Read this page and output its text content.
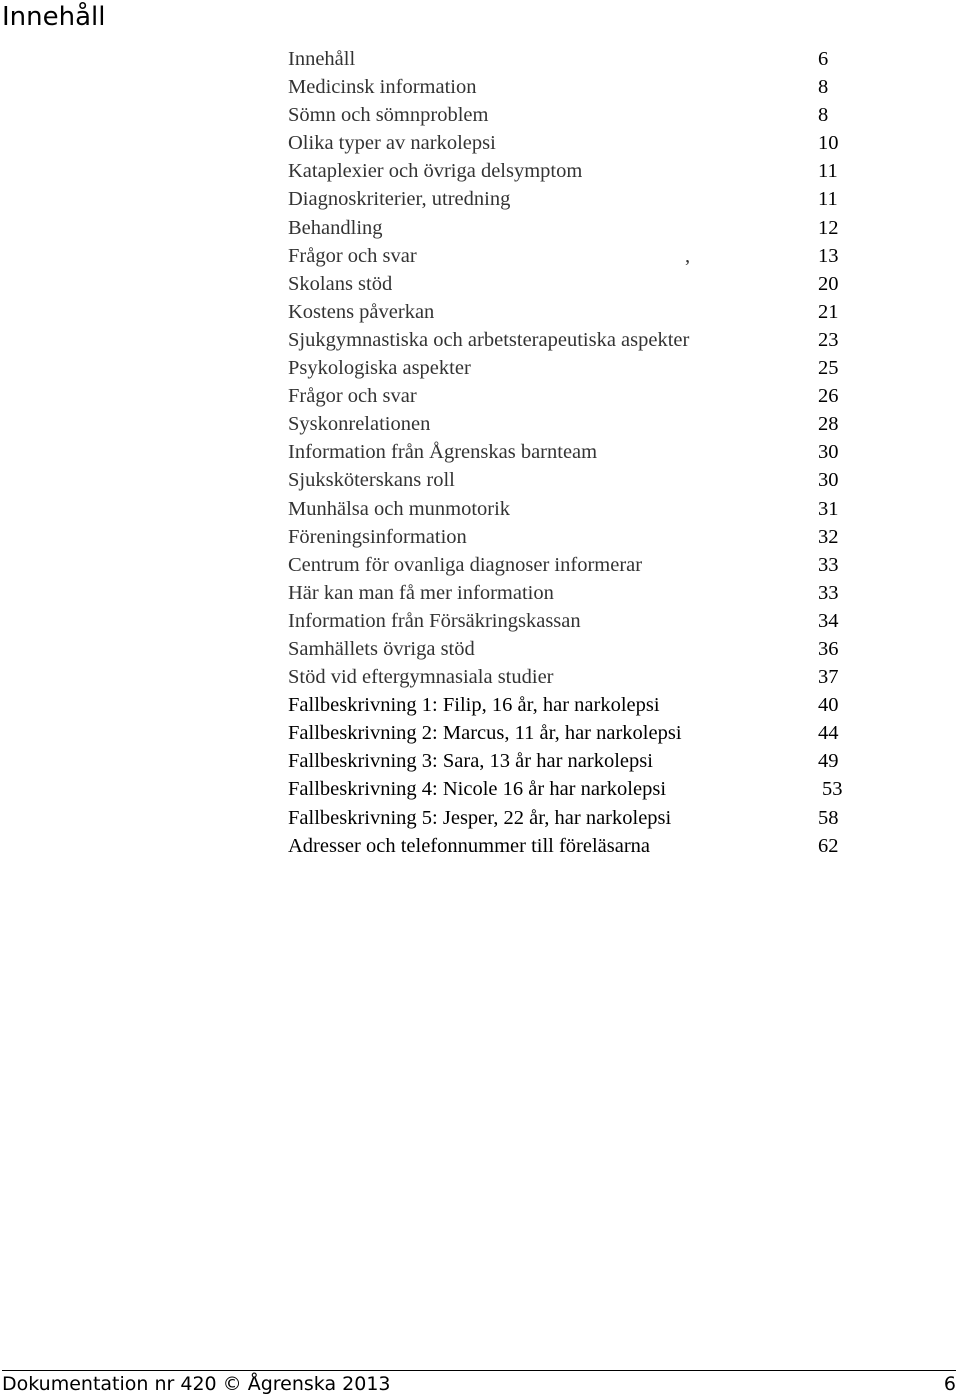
Innehåll
Innehåll	6
Medicinsk information	8
Sömn och sömnproblem	8
Olika typer av narkolepsi	10
Kataplexier och övriga delsymptom	11
Diagnoskriterier, utredning	11
Behandling	12
Frågor och svar	,	13
Skolans stöd	20
Kostens påverkan	21
Sjukgymnastiska och arbetsterapeutiska aspekter	23
Psykologiska aspekter	25
Frågor och svar	26
Syskonrelationen	28
Information från Ågrenskas barnteam	30
Sjuksköterskans roll	30
Munhälsa och munmotorik	31
Föreningsinformation	32
Centrum för ovanliga diagnoser informerar	33
Här kan man få mer information	33
Information från Försäkringskassan	34
Samhällets övriga stöd	36
Stöd vid eftergymnasiala studier	37
Fallbeskrivning 1: Filip, 16 år, har narkolepsi	40
Fallbeskrivning 2: Marcus, 11 år, har narkolepsi	44
Fallbeskrivning 3: Sara, 13 år har narkolepsi	49
Fallbeskrivning 4: Nicole 16 år har narkolepsi	53
Fallbeskrivning 5: Jesper, 22 år, har narkolepsi	58
Adresser och telefonnummer till föreläsarna	62
Dokumentation nr 420 © Ågrenska 2013	6
